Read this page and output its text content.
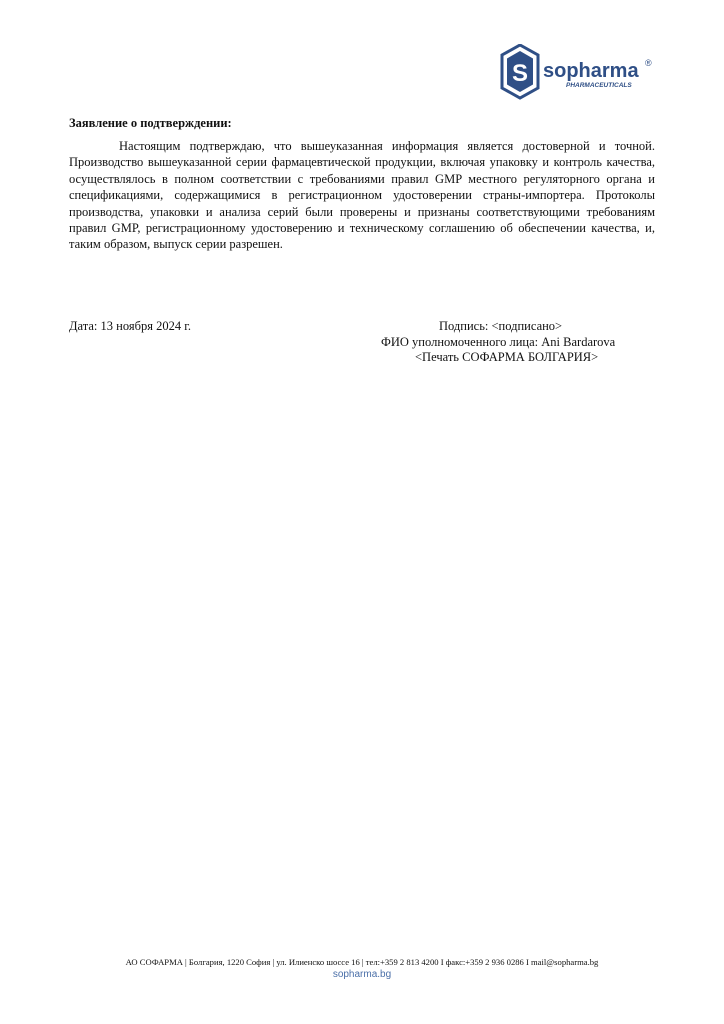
S sopharma ®
PHARMACEUTICALS
Заявление о подтверждении:

Настоящим подтверждаю, что вышеуказанная информация является достоверной и точной. Производство вышеуказанной серии фармацевтической продукции, включая упаковку и контроль качества, осуществлялось в полном соответствии с требованиями правил GMP местного регуляторного органа и спецификациями, содержащимися в регистрационном удостоверении страны-импортера. Протоколы производства, упаковки и анализа серий были проверены и признаны соответствующими требованиям правил GMP, регистрационному удостоверению и техническому соглашению об обеспечении качества, и, таким образом, выпуск серии разрешен.

Дата: 13 ноября 2024 г.	Подпись: <подписано>
ФИО уполномоченного лица: Ani Bardarova
<Печать СОФАРМА БОЛГАРИЯ>
АО СОФАРМА | Болгария, 1220 София | ул. Илиенско шоссе 16 | тел:+359 2 813 4200 I факс:+359 2 936 0286 I mail@sopharma.bg
sopharma.bg
